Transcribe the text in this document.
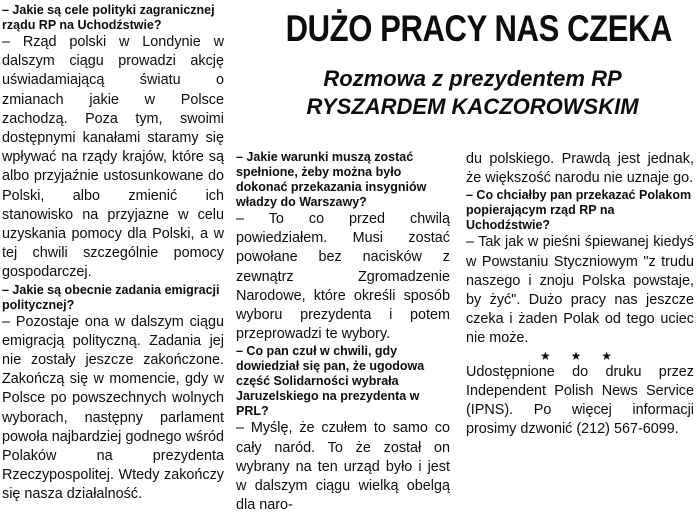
DUŻO PRACY NAS CZEKA
Rozmowa z prezydentem RP
RYSZARDEM KACZOROWSKIM

– Jakie są cele polityki zagranicznej rządu RP na Uchodźstwie?

– Rząd polski w Londynie w dalszym ciągu prowadzi akcję uświadamiającą światu o zmianach jakie w Polsce zachodzą. Poza tym, swoimi dostępnymi kanałami staramy się wpływać na rządy krajów, które są albo przyjaźnie ustosunkowane do Polski, albo zmienić ich stanowisko na przyjazne w celu uzyskania pomocy dla Polski, a w tej chwili szczególnie pomocy gospodarczej.

– Jakie są obecnie zadania emigracji politycznej?

– Pozostaje ona w dalszym ciągu emigracją polityczną. Zadania jej nie zostały jeszcze zakończone. Zakończą się w momencie, gdy w Polsce po powszechnych wolnych wyborach, następny parlament powoła najbardziej godnego wśród Polaków na prezydenta Rzeczypospolitej. Wtedy zakończy się nasza działalność.

– Jakie warunki muszą zostać spełnione, żeby można było dokonać przekazania insygniów władzy do Warszawy?

– To co przed chwilą powiedziałem. Musi zostać powołane bez nacisków z zewnątrz Zgromadzenie Narodowe, które określi sposób wyboru prezydenta i potem przeprowadzi te wybory.

– Co pan czuł w chwili, gdy dowiedział się pan, że ugodowa część Solidarności wybrała Jaruzelskiego na prezydenta w PRL?

– Myślę, że czułem to samo co cały naród. To że został on wybrany na ten urząd było i jest w dalszym ciągu wielką obelgą dla naro-

du polskiego. Prawdą jest jednak, że większość narodu nie uznaje go.

– Co chciałby pan przekazać Polakom popierającym rząd RP na Uchodźstwie?

– Tak jak w pieśni śpiewanej kiedyś w Powstaniu Styczniowym "z trudu naszego i znoju Polska powstaje, by żyć". Dużo pracy nas jeszcze czeka i żaden Polak od tego uciec nie może.

★ ★ ★

Udostępnione do druku przez Independent Polish News Service (IPNS). Po więcej informacji prosimy dzwonić (212) 567-6099.
